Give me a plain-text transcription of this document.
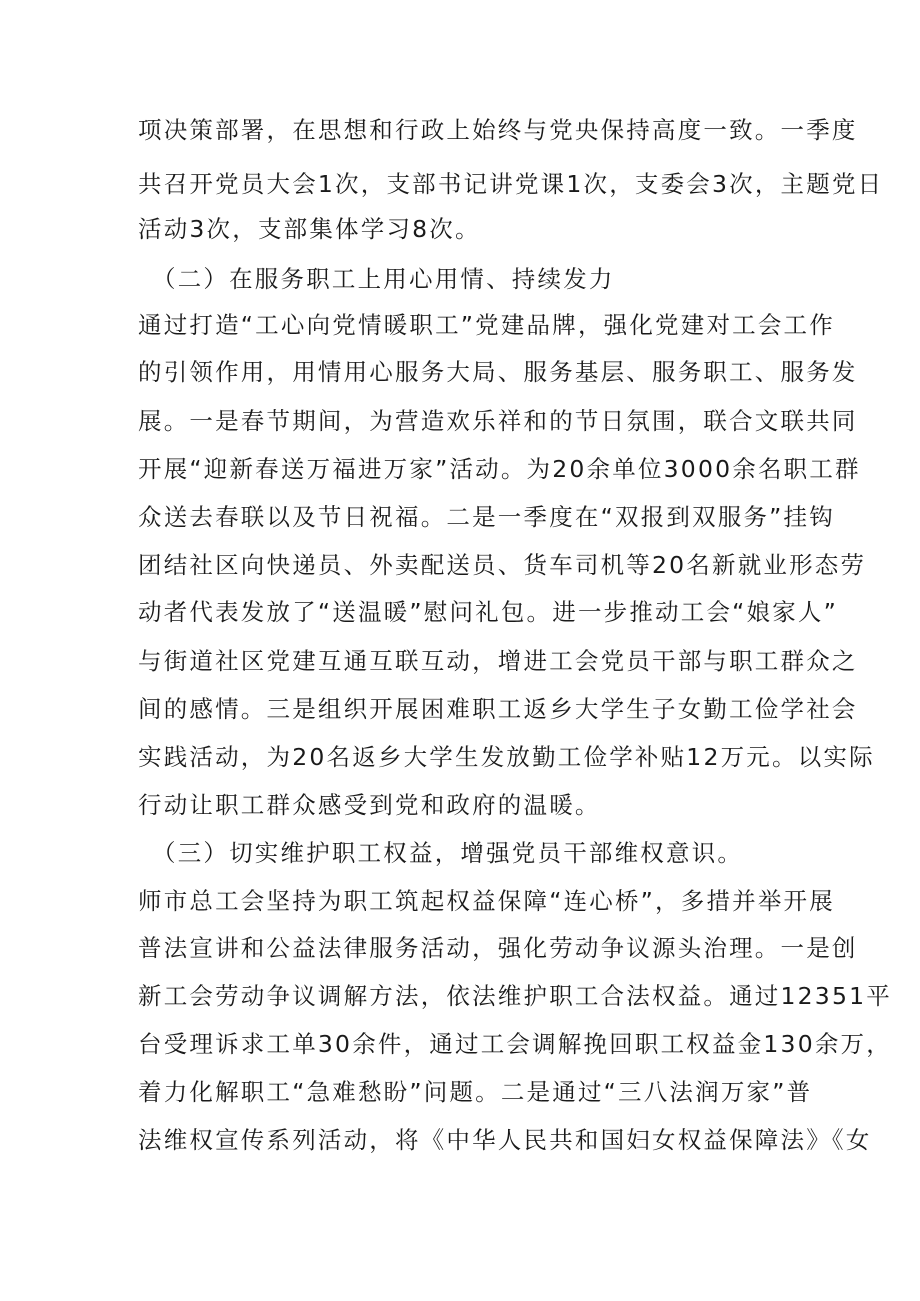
项决策部署，在思想和行政上始终与党央保持高度一致。一季度
共召开党员大会1次，支部书记讲党课1次，支委会3次，主题党日
活动3次，支部集体学习8次。
（二）在服务职工上用心用情、持续发力
通过打造“工心向党情暖职工”党建品牌，强化党建对工会工作
的引领作用，用情用心服务大局、服务基层、服务职工、服务发
展。一是春节期间，为营造欢乐祥和的节日氛围，联合文联共同
开展“迎新春送万福进万家”活动。为20余单位3000余名职工群
众送去春联以及节日祝福。二是一季度在“双报到双服务”挂钩
团结社区向快递员、外卖配送员、货车司机等20名新就业形态劳
动者代表发放了“送温暖”慰问礼包。进一步推动工会“娘家人”
与街道社区党建互通互联互动，增进工会党员干部与职工群众之
间的感情。三是组织开展困难职工返乡大学生子女勤工俭学社会
实践活动，为20名返乡大学生发放勤工俭学补贴12万元。以实际
行动让职工群众感受到党和政府的温暖。
（三）切实维护职工权益，增强党员干部维权意识。
师市总工会坚持为职工筑起权益保障“连心桥”，多措并举开展
普法宣讲和公益法律服务活动，强化劳动争议源头治理。一是创
新工会劳动争议调解方法，依法维护职工合法权益。通过12351平
台受理诉求工单30余件，通过工会调解挽回职工权益金130余万，
着力化解职工“急难愁盼”问题。二是通过“三八法润万家”普
法维权宣传系列活动，将《中华人民共和国妇女权益保障法》《女
